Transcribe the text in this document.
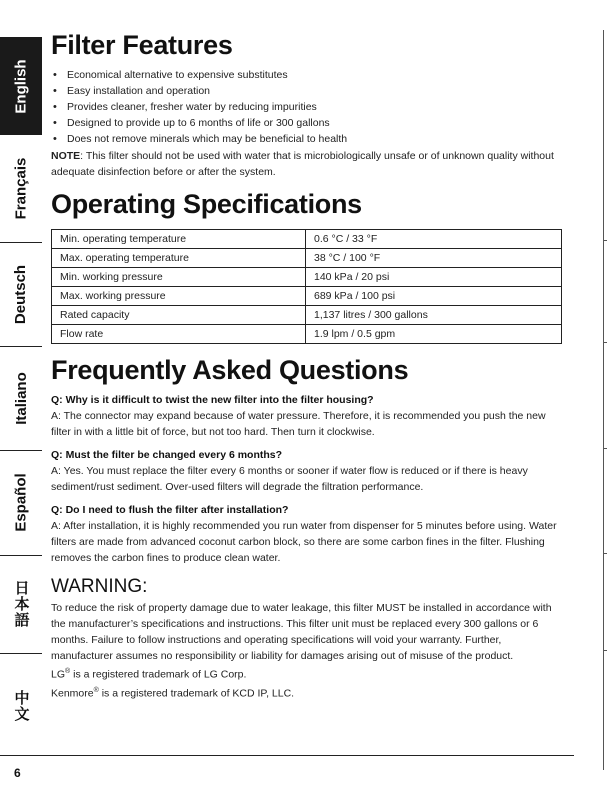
English
Français
Deutsch
Italiano
Español
日本語
中文
Filter Features
• Economical alternative to expensive substitutes
• Easy installation and operation
• Provides cleaner, fresher water by reducing impurities
• Designed to provide up to 6 months of life or 300 gallons
• Does not remove minerals which may be beneficial to health
NOTE: This filter should not be used with water that is microbiologically unsafe or of unknown quality without adequate disinfection before or after the system.
Operating Specifications
Min. operating temperature	0.6 °C / 33 °F
Max. operating temperature	38 °C / 100 °F
Min. working pressure	140 kPa / 20 psi
Max. working pressure	689 kPa / 100 psi
Rated capacity	1,137 litres / 300 gallons
Flow rate	1.9 lpm / 0.5 gpm
Frequently Asked Questions
Q: Why is it difficult to twist the new filter into the filter housing?
A: The connector may expand because of water pressure. Therefore, it is recommended you push the new filter in with a little bit of force, but not too hard. Then turn it clockwise.
Q: Must the filter be changed every 6 months?
A: Yes. You must replace the filter every 6 months or sooner if water flow is reduced or if there is heavy sediment/rust sediment. Over-used filters will degrade the filtration performance.
Q: Do I need to flush the filter after installation?
A: After installation, it is highly recommended you run water from dispenser for 5 minutes before using. Water filters are made from advanced coconut carbon block, so there are some carbon fines in the filter. Flushing removes the carbon fines to produce clean water.
WARNING:
To reduce the risk of property damage due to water leakage, this filter MUST be installed in accordance with the manufacturer’s specifications and instructions. This filter unit must be replaced every 300 gallons or 6 months. Failure to follow instructions and operating specifications will void your warranty. Further, manufacturer assumes no responsibility or liability for damages arising out of misuse of the product.
LG® is a registered trademark of LG Corp.
Kenmore® is a registered trademark of KCD IP, LLC.
6
